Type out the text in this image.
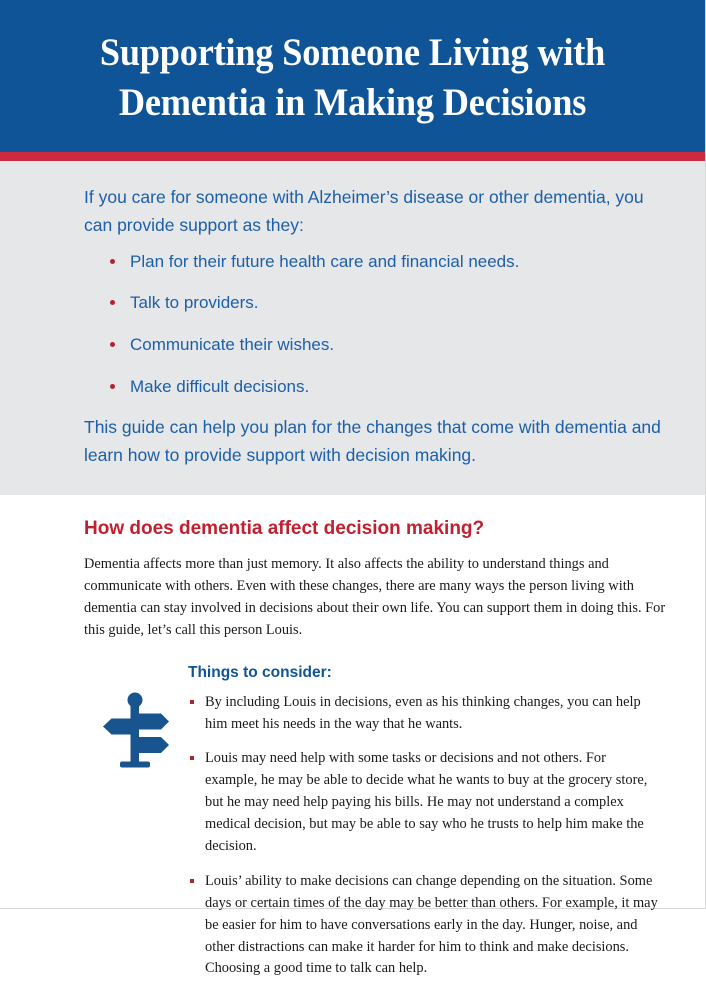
Supporting Someone Living with Dementia in Making Decisions

If you care for someone with Alzheimer’s disease or other dementia, you can provide support as they:

Plan for their future health care and financial needs.
Talk to providers.
Communicate their wishes.
Make difficult decisions.

This guide can help you plan for the changes that come with dementia and learn how to provide support with decision making.

How does dementia affect decision making?

Dementia affects more than just memory. It also affects the ability to understand things and communicate with others. Even with these changes, there are many ways the person living with dementia can stay involved in decisions about their own life. You can support them in doing this. For this guide, let’s call this person Louis.

Things to consider:
By including Louis in decisions, even as his thinking changes, you can help him meet his needs in the way that he wants.
Louis may need help with some tasks or decisions and not others. For example, he may be able to decide what he wants to buy at the grocery store, but he may need help paying his bills. He may not understand a complex medical decision, but may be able to say who he trusts to help him make the decision.
Louis’ ability to make decisions can change depending on the situation. Some days or certain times of the day may be better than others. For example, it may be easier for him to have conversations early in the day. Hunger, noise, and other distractions can make it harder for him to think and make decisions. Choosing a good time to talk can help.
